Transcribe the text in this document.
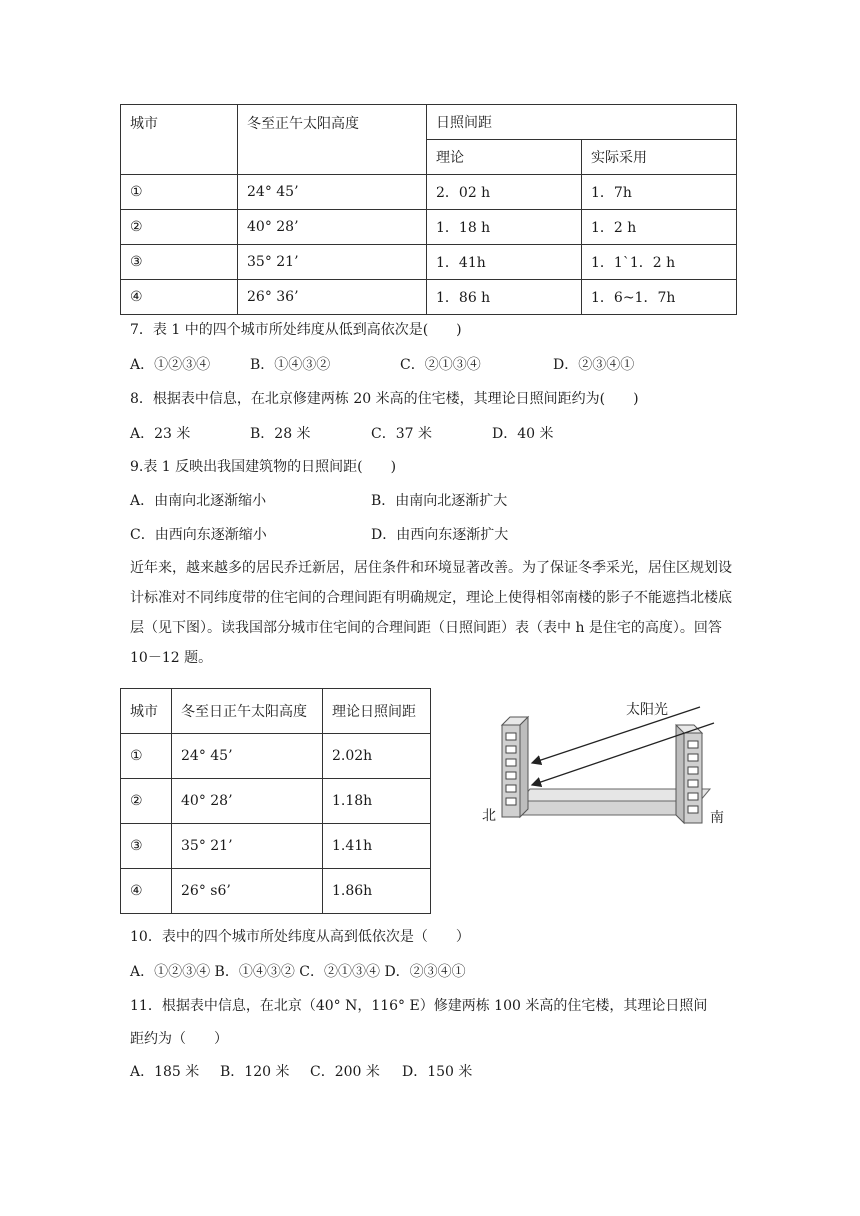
城市	冬至正午太阳高度	日照间距	
		理论	实际采用
①	24° 45’	2．02 h	1．7h
②	40° 28’	1．18 h	1．2 h
③	35° 21’	1．41h	1．1`1．2 h
④	26° 36’	1．86 h	1．6~1．7h
7．表 1 中的四个城市所处纬度从低到高依次是(　　)
A．①②③④	B．①④③②	C．②①③④	D．②③④①
8．根据表中信息，在北京修建两栋 20 米高的住宅楼，其理论日照间距约为(　　)
A．23 米	B．28 米	C．37 米	D．40 米
9.表 1 反映出我国建筑物的日照间距(　　)
A．由南向北逐渐缩小	B．由南向北逐渐扩大
C．由西向东逐渐缩小	D．由西向东逐渐扩大
近年来，越来越多的居民乔迁新居，居住条件和环境显著改善。为了保证冬季采光，居住区规划设计标准对不同纬度带的住宅间的合理间距有明确规定，理论上使得相邻南楼的影子不能遮挡北楼底层（见下图）。读我国部分城市住宅间的合理间距（日照间距）表（表中 h 是住宅的高度）。回答 10－12 题。
城市	冬至日正午太阳高度	理论日照间距
①	24° 45’	2.02h
②	40° 28’	1.18h
③	35° 21’	1.41h
④	26° s6’	1.86h
太阳光
北	南
10．表中的四个城市所处纬度从高到低依次是（　　）
A．①②③④ B．①④③② C．②①③④ D．②③④①
11．根据表中信息，在北京（40° N，116° E）修建两栋 100 米高的住宅楼，其理论日照间
距约为（　　）
A．185 米 B．120 米 C．200 米 D．150 米
